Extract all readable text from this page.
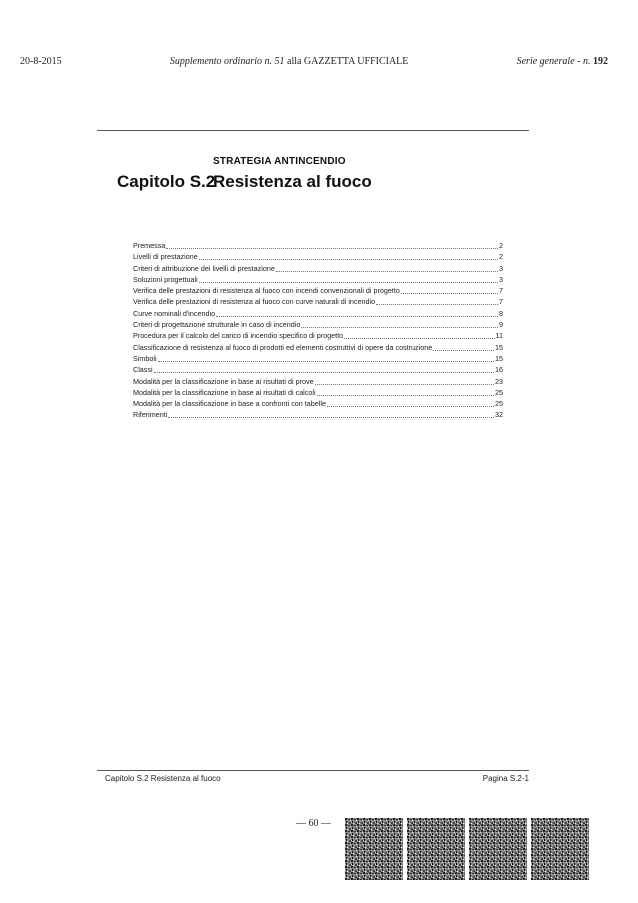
20-8-2015	Supplemento ordinario n. 51 alla GAZZETTA UFFICIALE	Serie generale - n. 192
STRATEGIA ANTINCENDIO
Capitolo S.2
Resistenza al fuoco
Premessa	2
Livelli di prestazione	2
Criteri di attribuzione dei livelli di prestazione	3
Soluzioni progettuali	3
Verifica delle prestazioni di resistenza al fuoco con incendi convenzionali di progetto	7
Verifica delle prestazioni di resistenza al fuoco con curve naturali di incendio	7
Curve nominali d'incendio	8
Criteri di progettazione strutturale in caso di incendio	9
Procedura per il calcolo del carico di incendio specifico di progetto	11
Classificazione di resistenza al fuoco di prodotti ed elementi costruttivi di opere da costruzione	15
Simboli	15
Classi	16
Modalità per la classificazione in base ai risultati di prove	23
Modalità per la classificazione in base ai risultati di calcoli	25
Modalità per la classificazione in base a confronti con tabelle	25
Riferimenti	32
Capitolo S.2 Resistenza al fuoco	Pagina S.2-1
— 60 —
